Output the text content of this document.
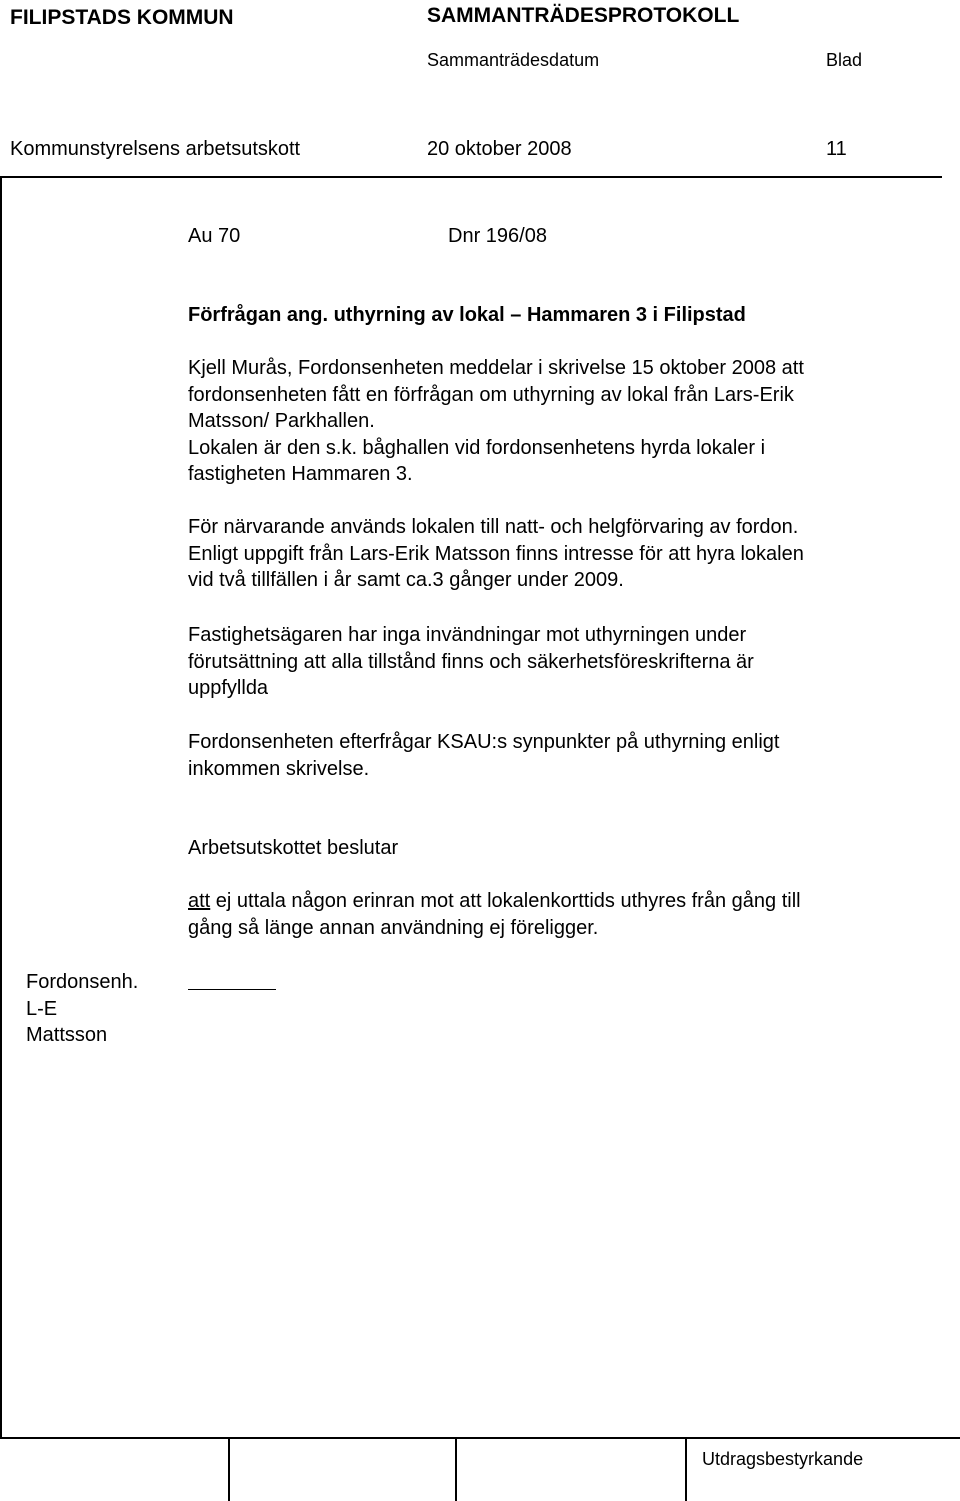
FILIPSTADS KOMMUN	SAMMANTRÄDESPROTOKOLL
Sammanträdesdatum	Blad
Kommunstyrelsens arbetsutskott	20 oktober 2008	11
Utdragsbestyrkande
Au 70	Dnr 196/08
Förfrågan ang. uthyrning av lokal – Hammaren 3 i Filipstad
Kjell Murås, Fordonsenheten meddelar i skrivelse 15 oktober 2008 att
fordonsenheten fått en förfrågan om uthyrning av lokal från Lars-Erik
Matsson/ Parkhallen.
Lokalen är den s.k. båghallen vid fordonsenhetens hyrda lokaler i
fastigheten Hammaren 3.
För närvarande används lokalen till natt- och helgförvaring av fordon.
Enligt uppgift från Lars-Erik Matsson finns intresse för att hyra lokalen
vid två tillfällen i år samt ca.3 gånger under 2009.
Fastighetsägaren har inga invändningar mot uthyrningen under
förutsättning att alla tillstånd finns och säkerhetsföreskrifterna är
uppfyllda
Fordonsenheten efterfrågar KSAU:s synpunkter på uthyrning enligt
inkommen skrivelse.
Arbetsutskottet beslutar
att ej uttala någon erinran mot att lokalenkorttids uthyres från gång till
gång så länge annan användning ej föreligger.
Fordonsenh.
L-E
Mattsson
